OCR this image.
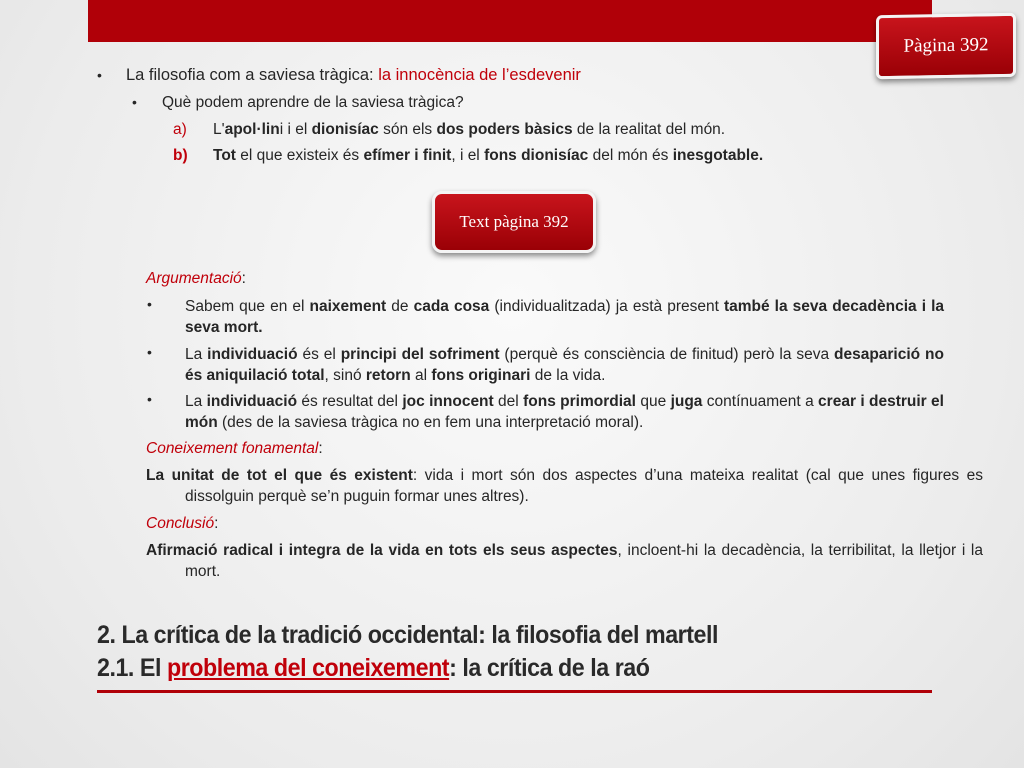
Pàgina 392
• La filosofia com a saviesa tràgica: la innocència de l’esdevenir
• Què podem aprendre de la saviesa tràgica?
a) L'apol·lini i el dionisíac són els dos poders bàsics de la realitat del món.
b) Tot el que existeix és efímer i finit, i el fons dionisíac del món és inesgotable.
Text pàgina 392
Argumentació:
• Sabem que en el naixement de cada cosa (individualitzada) ja està present també la seva decadència i la seva mort.
• La individuació és el principi del sofriment (perquè és consciència de finitud) però la seva desaparició no és aniquilació total, sinó retorn al fons originari de la vida.
• La individuació és resultat del joc innocent del fons primordial que juga contínuament a crear i destruir el món (des de la saviesa tràgica no en fem una interpretació moral).
Coneixement fonamental:
La unitat de tot el que és existent: vida i mort són dos aspectes d’una mateixa realitat (cal que unes figures es dissolguin perquè se’n puguin formar unes altres).
Conclusió:
Afirmació radical i integra de la vida en tots els seus aspectes, incloent-hi la decadència, la terribilitat, la lletjor i la mort.
2. La crítica de la tradició occidental: la filosofia del martell
2.1. El problema del coneixement: la crítica de la raó
